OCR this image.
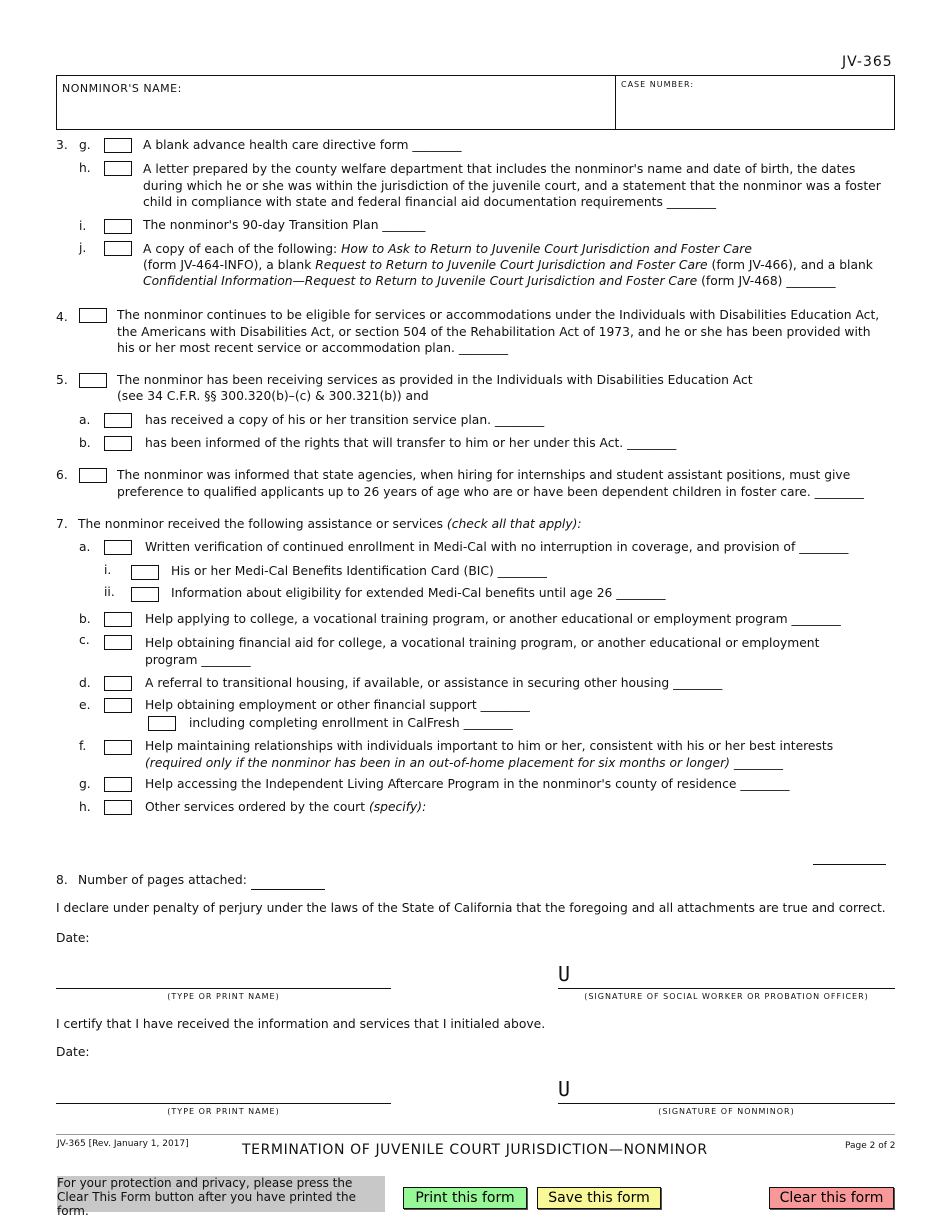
JV-365
NONMINOR'S NAME:	CASE NUMBER:
3. g.	A blank advance health care directive form ________
h.	A letter prepared by the county welfare department that includes the nonminor's name and date of birth, the dates during which he or she was within the jurisdiction of the juvenile court, and a statement that the nonminor was a foster child in compliance with state and federal financial aid documentation requirements ________
i.	The nonminor's 90-day Transition Plan _______
j.	A copy of each of the following: How to Ask to Return to Juvenile Court Jurisdiction and Foster Care
(form JV-464-INFO), a blank Request to Return to Juvenile Court Jurisdiction and Foster Care (form JV-466), and a blank
Confidential Information—Request to Return to Juvenile Court Jurisdiction and Foster Care (form JV-468) ________
4.	The nonminor continues to be eligible for services or accommodations under the Individuals with Disabilities Education Act, the Americans with Disabilities Act, or section 504 of the Rehabilitation Act of 1973, and he or she has been provided with his or her most recent service or accommodation plan. ________
5.	The nonminor has been receiving services as provided in the Individuals with Disabilities Education Act
(see 34 C.F.R. §§ 300.320(b)–(c) & 300.321(b)) and
a.	has received a copy of his or her transition service plan. ________
b.	has been informed of the rights that will transfer to him or her under this Act. ________
6.	The nonminor was informed that state agencies, when hiring for internships and student assistant positions, must give preference to qualified applicants up to 26 years of age who are or have been dependent children in foster care. ________
7. The nonminor received the following assistance or services (check all that apply):
a.	Written verification of continued enrollment in Medi-Cal with no interruption in coverage, and provision of ________
i.	His or her Medi-Cal Benefits Identification Card (BIC) ________
ii.	Information about eligibility for extended Medi-Cal benefits until age 26 ________
b.	Help applying to college, a vocational training program, or another educational or employment program ________
c.	Help obtaining financial aid for college, a vocational training program, or another educational or employment program ________
d.	A referral to transitional housing, if available, or assistance in securing other housing ________
e.	Help obtaining employment or other financial support ________
including completing enrollment in CalFresh ________
f.	Help maintaining relationships with individuals important to him or her, consistent with his or her best interests (required only if the nonminor has been in an out-of-home placement for six months or longer) ________
g.	Help accessing the Independent Living Aftercare Program in the nonminor's county of residence ________
h.	Other services ordered by the court (specify):
8. Number of pages attached:
I declare under penalty of perjury under the laws of the State of California that the foregoing and all attachments are true and correct.
Date:
(TYPE OR PRINT NAME)
U
(SIGNATURE OF SOCIAL WORKER OR PROBATION OFFICER)
I certify that I have received the information and services that I initialed above.
Date:
(TYPE OR PRINT NAME)
U
(SIGNATURE OF NONMINOR)
JV-365 [Rev. January 1, 2017]	TERMINATION OF JUVENILE COURT JURISDICTION—NONMINOR	Page 2 of 2
For your protection and privacy, please press the Clear This Form button after you have printed the form.
Print this form	Save this form	Clear this form
